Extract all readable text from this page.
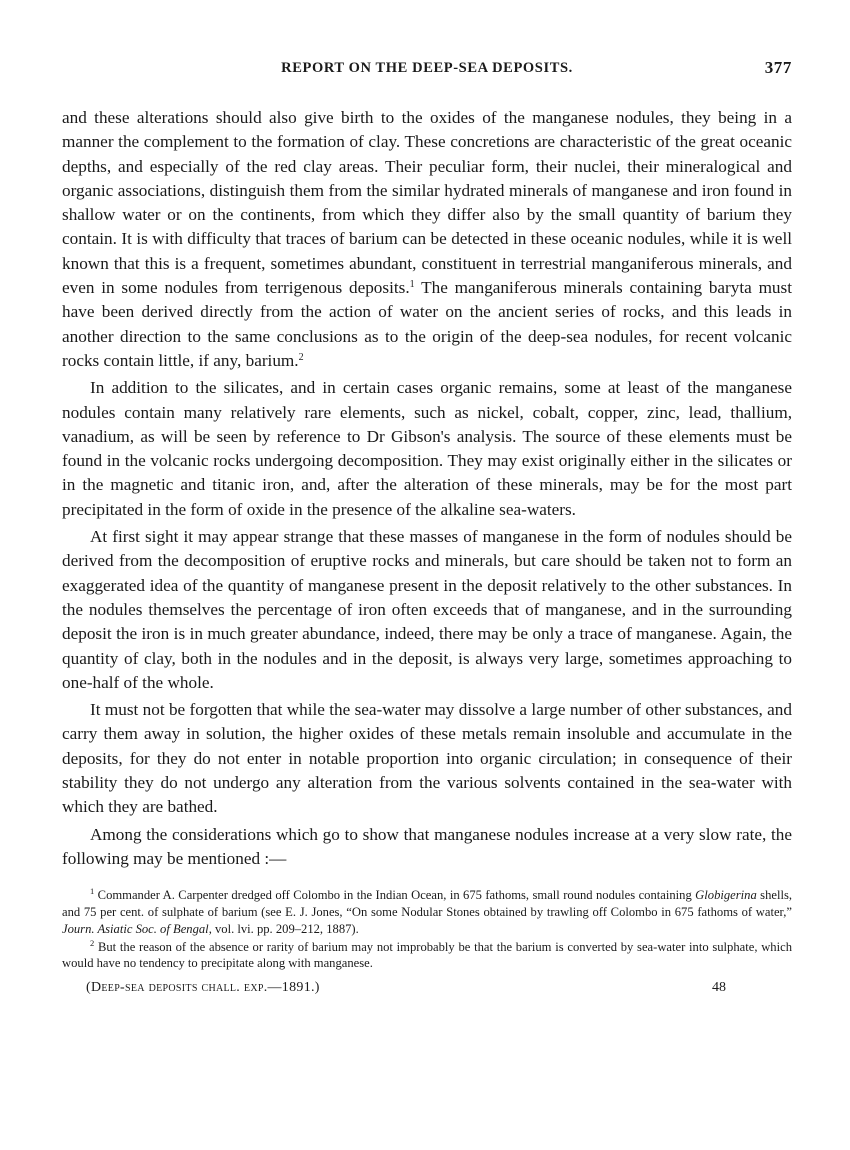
REPORT ON THE DEEP-SEA DEPOSITS.	377

and these alterations should also give birth to the oxides of the manganese nodules, they being in a manner the complement to the formation of clay. These concretions are characteristic of the great oceanic depths, and especially of the red clay areas. Their peculiar form, their nuclei, their mineralogical and organic associations, distinguish them from the similar hydrated minerals of manganese and iron found in shallow water or on the continents, from which they differ also by the small quantity of barium they contain. It is with difficulty that traces of barium can be detected in these oceanic nodules, while it is well known that this is a frequent, sometimes abundant, constituent in terrestrial manganiferous minerals, and even in some nodules from terrigenous deposits.$^1$ The manganiferous minerals containing baryta must have been derived directly from the action of water on the ancient series of rocks, and this leads in another direction to the same conclusions as to the origin of the deep-sea nodules, for recent volcanic rocks contain little, if any, barium.$^2$

In addition to the silicates, and in certain cases organic remains, some at least of the manganese nodules contain many relatively rare elements, such as nickel, cobalt, copper, zinc, lead, thallium, vanadium, as will be seen by reference to Dr Gibson's analysis. The source of these elements must be found in the volcanic rocks undergoing decomposition. They may exist originally either in the silicates or in the magnetic and titanic iron, and, after the alteration of these minerals, may be for the most part precipitated in the form of oxide in the presence of the alkaline sea-waters.

At first sight it may appear strange that these masses of manganese in the form of nodules should be derived from the decomposition of eruptive rocks and minerals, but care should be taken not to form an exaggerated idea of the quantity of manganese present in the deposit relatively to the other substances. In the nodules themselves the percentage of iron often exceeds that of manganese, and in the surrounding deposit the iron is in much greater abundance, indeed, there may be only a trace of manganese. Again, the quantity of clay, both in the nodules and in the deposit, is always very large, sometimes approaching to one-half of the whole.

It must not be forgotten that while the sea-water may dissolve a large number of other substances, and carry them away in solution, the higher oxides of these metals remain insoluble and accumulate in the deposits, for they do not enter in notable proportion into organic circulation; in consequence of their stability they do not undergo any alteration from the various solvents contained in the sea-water with which they are bathed.

Among the considerations which go to show that manganese nodules increase at a very slow rate, the following may be mentioned :—

$^1$ Commander A. Carpenter dredged off Colombo in the Indian Ocean, in 675 fathoms, small round nodules containing Globigerina shells, and 75 per cent. of sulphate of barium (see E. J. Jones, “On some Nodular Stones obtained by trawling off Colombo in 675 fathoms of water,” Journ. Asiatic Soc. of Bengal, vol. lvi. pp. 209–212, 1887).

$^2$ But the reason of the absence or rarity of barium may not improbably be that the barium is converted by sea-water into sulphate, which would have no tendency to precipitate along with manganese.

(Deep-sea deposits chall. exp.—1891.)	48
